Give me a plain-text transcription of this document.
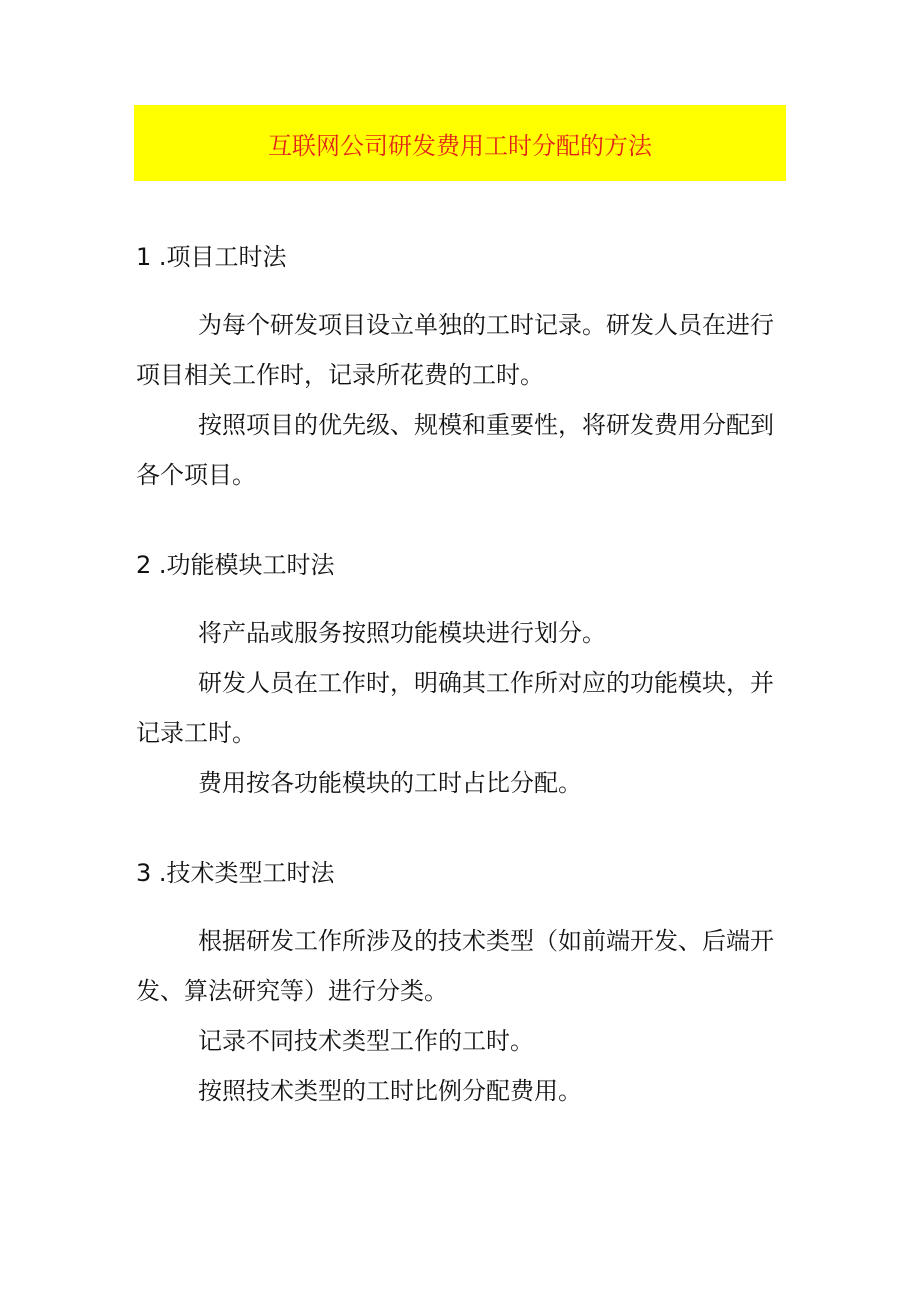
互联网公司研发费用工时分配的方法
1 .项目工时法

为每个研发项目设立单独的工时记录。研发人员在进行项目相关工作时，记录所花费的工时。

按照项目的优先级、规模和重要性，将研发费用分配到各个项目。

2 .功能模块工时法

将产品或服务按照功能模块进行划分。

研发人员在工作时，明确其工作所对应的功能模块，并记录工时。

费用按各功能模块的工时占比分配。

3 .技术类型工时法

根据研发工作所涉及的技术类型（如前端开发、后端开发、算法研究等）进行分类。

记录不同技术类型工作的工时。

按照技术类型的工时比例分配费用。
